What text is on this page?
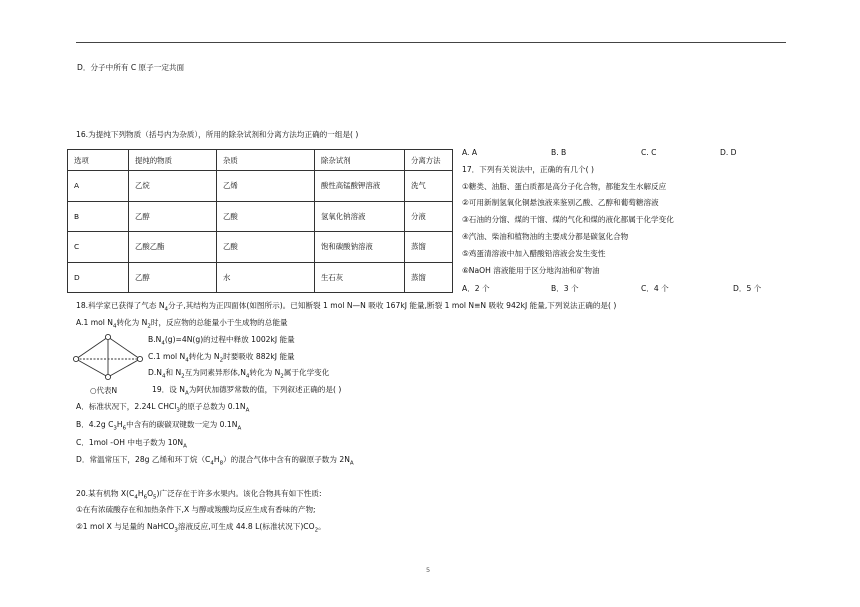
D．分子中所有 C 原子一定共面
16.为提纯下列物质（括号内为杂质），所用的除杂试剂和分离方法均正确的一组是( )
选项	提纯的物质	杂质	除杂试剂	分离方法
A	乙烷	乙烯	酸性高锰酸钾溶液	洗气
B	乙醇	乙酸	氢氧化钠溶液	分液
C	乙酸乙酯	乙酸	饱和碳酸钠溶液	蒸馏
D	乙醇	水	生石灰	蒸馏
A. A	B. B	C. C	D. D
17．下列有关说法中，正确的有几个( )
①糖类、油脂、蛋白质都是高分子化合物，都能发生水解反应
②可用新制氢氧化铜悬浊液来鉴别乙酸、乙醇和葡萄糖溶液
③石油的分馏、煤的干馏、煤的气化和煤的液化都属于化学变化
④汽油、柴油和植物油的主要成分都是碳氢化合物
⑤鸡蛋清溶液中加入醋酸铅溶液会发生变性
⑥NaOH 溶液能用于区分地沟油和矿物油
A．2 个	B．3 个	C．4 个	D．5 个
18.科学家已获得了气态 $N_4$分子,其结构为正四面体(如图所示)。已知断裂 1 mol N—N 吸收 167kJ 能量,断裂 1 mol N≡N 吸收 942kJ 能量,下列说法正确的是( )
A.1 mol $N_4$转化为 $N_2$时，反应物的总能量小于生成物的总能量
○代表N
$B.N_4(g)=4N(g)$的过程中释放 1002kJ 能量
C.1 mol $N_4$转化为 $N_2$时要吸收 882kJ 能量
$D.N_4$和 $N_2$互为同素异形体$,N_4$转化为 $N_2$属于化学变化
19．设 $N_A$为阿伏加德罗常数的值，下列叙述正确的是( )
A．标准状况下，2.24L CHCl$_3$的原子总数为 $0.1N_A$
B．4.2g $C_3H_6$中含有的碳碳双键数一定为 $0.1N_A$
C．1mol -OH 中电子数为 $10N_A$
D．常温常压下，28g 乙烯和环丁烷$(C_4H_8)$的混合气体中含有的碳原子数为 $2N_A$
20.某有机物 $X(C_4H_6O_5)$广泛存在于许多水果内。该化合物具有如下性质:
①在有浓硫酸存在和加热条件下,X 与醇或羧酸均反应生成有香味的产物;
②1 mol X 与足量的 NaHCO$_3$溶液反应,可生成 44.8 L(标准状况下)$CO_2$。
5
